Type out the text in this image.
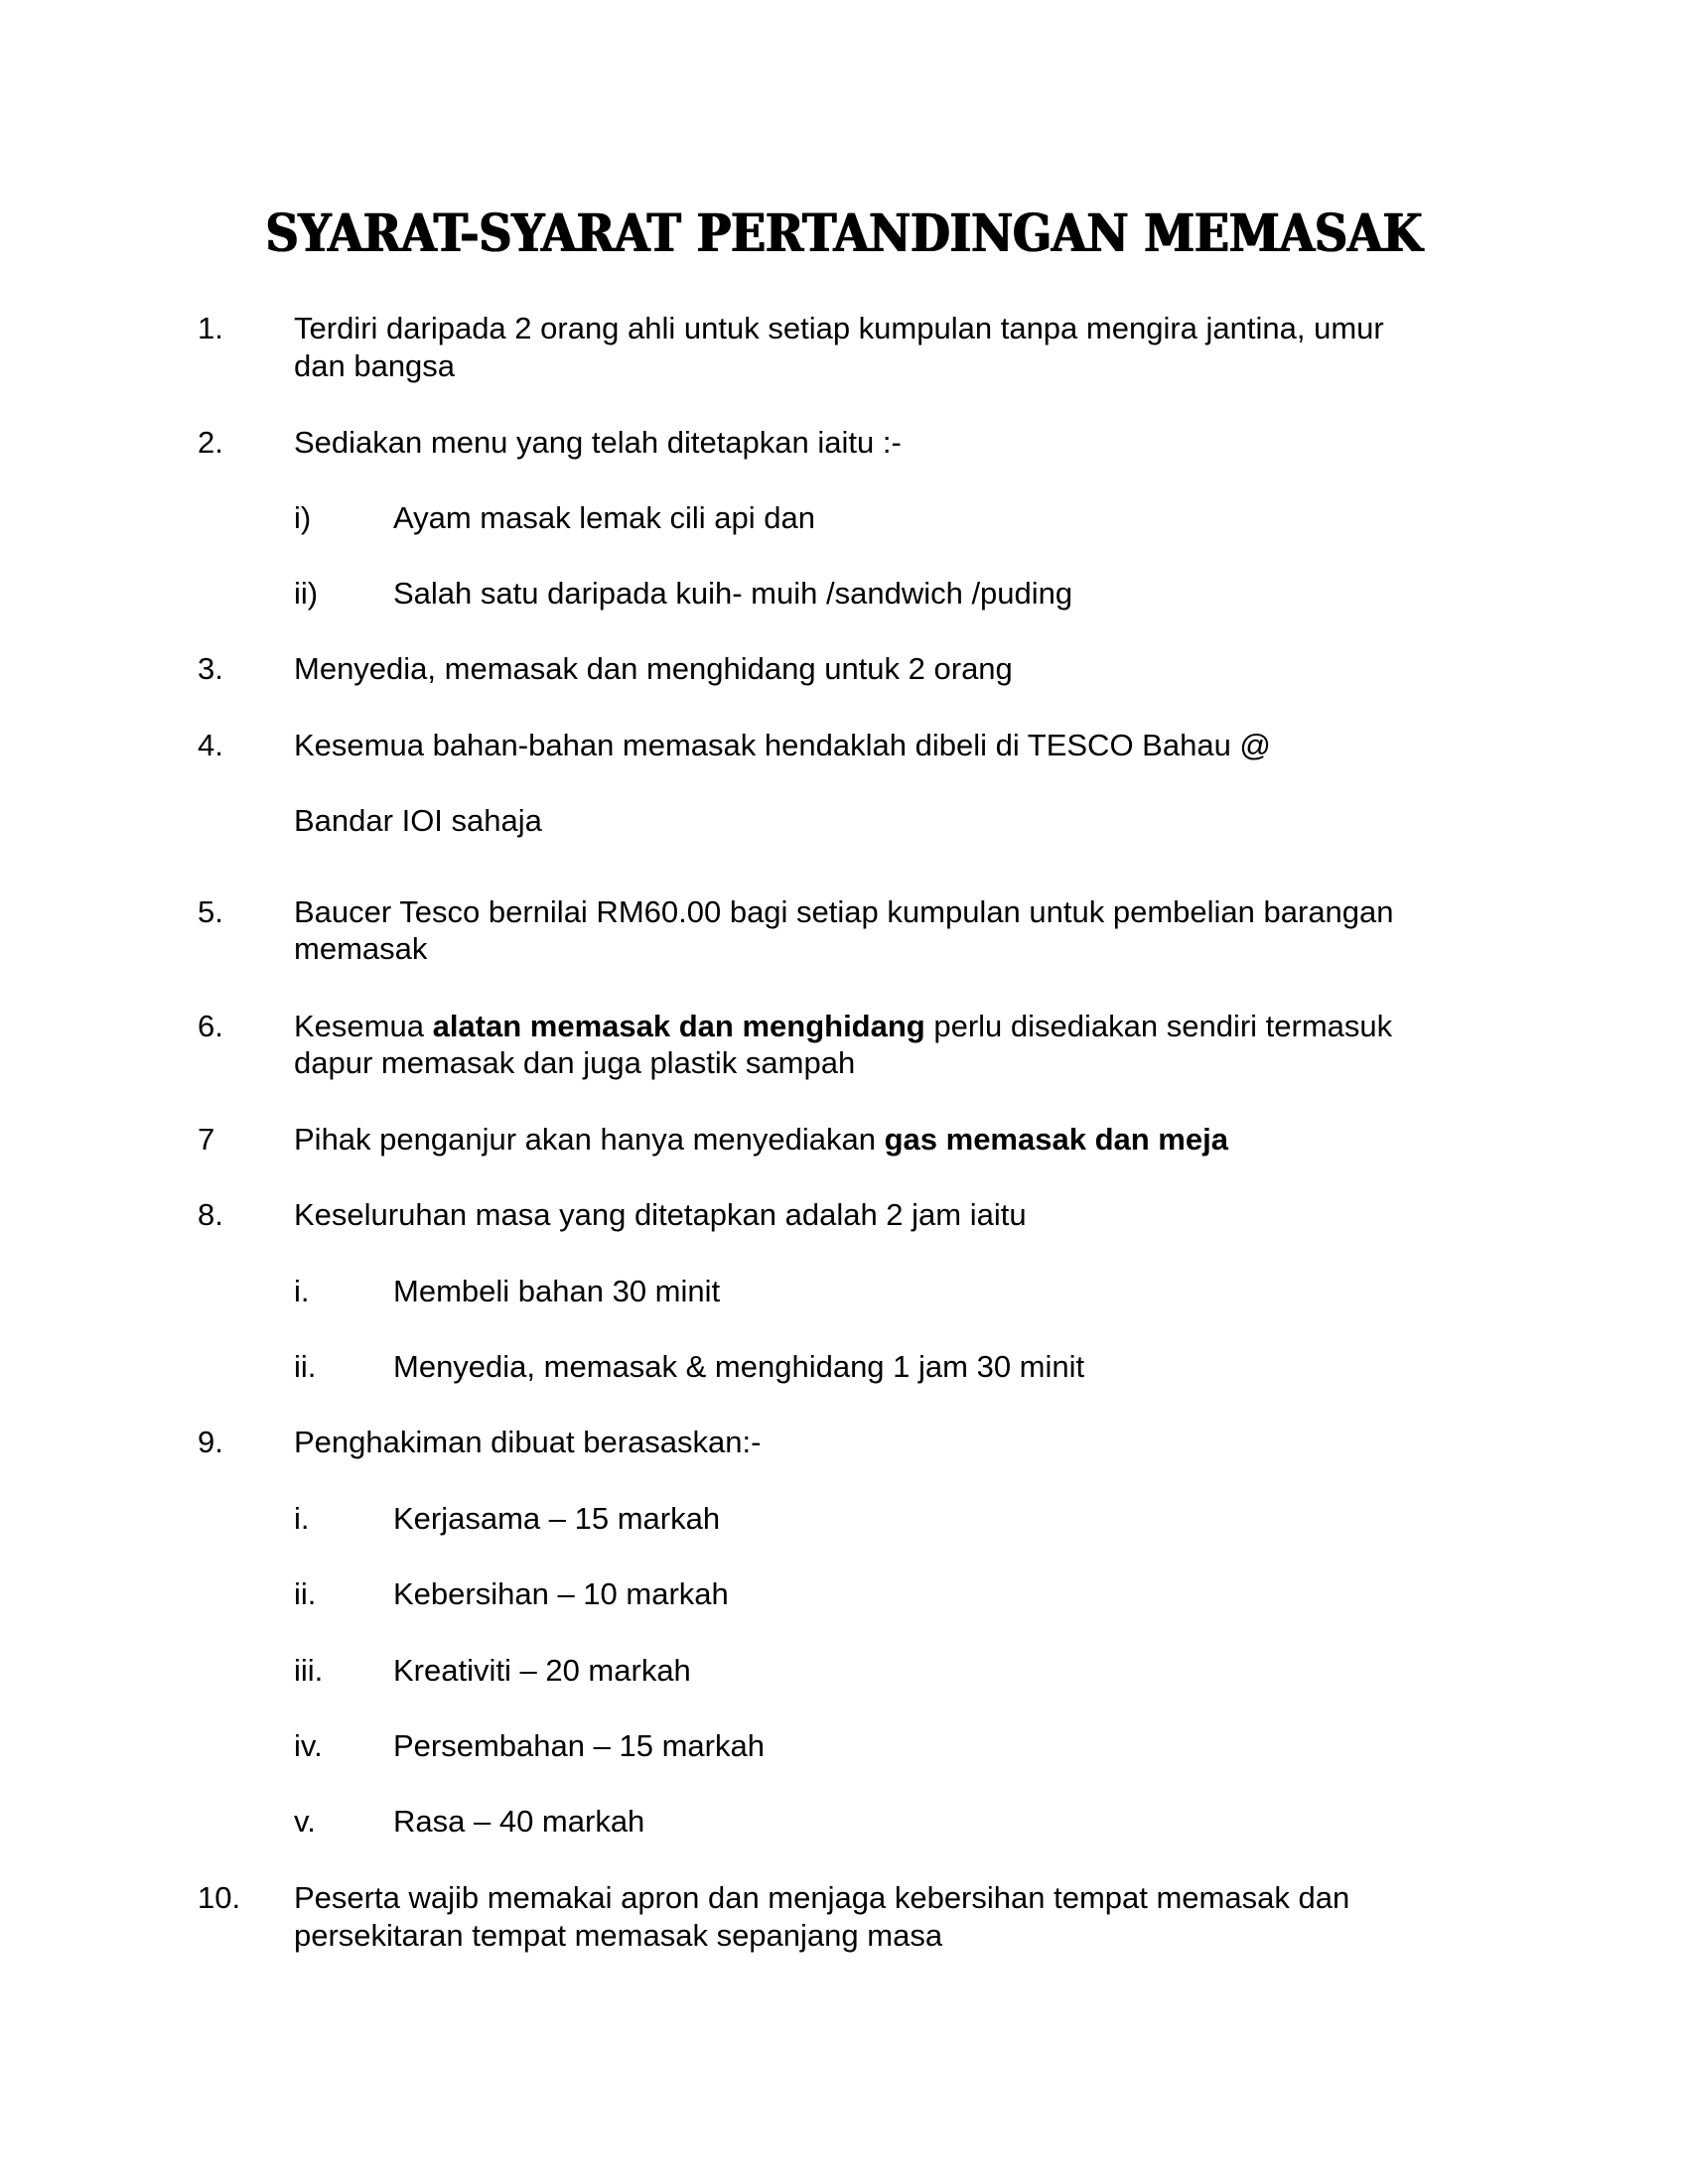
SYARAT-SYARAT PERTANDINGAN MEMASAK
1. Terdiri daripada 2 orang ahli untuk setiap kumpulan tanpa mengira jantina, umur
dan bangsa
2. Sediakan menu yang telah ditetapkan iaitu :-
i)	Ayam masak lemak cili api dan
ii) Salah satu daripada kuih- muih /sandwich /puding
3. Menyedia, memasak dan menghidang untuk 2 orang
4. Kesemua bahan-bahan memasak hendaklah dibeli di TESCO Bahau @
Bandar IOI sahaja
5. Baucer Tesco bernilai RM60.00 bagi setiap kumpulan untuk pembelian barangan
memasak
6. Kesemua alatan memasak dan menghidang perlu disediakan sendiri termasuk
dapur memasak dan juga plastik sampah
7	Pihak penganjur akan hanya menyediakan gas memasak dan meja
8. Keseluruhan masa yang ditetapkan adalah 2 jam iaitu
i.	Membeli bahan 30 minit
ii.	Menyedia, memasak & menghidang 1 jam 30 minit
9. Penghakiman dibuat berasaskan:-
i.	Kerjasama – 15 markah
ii.	Kebersihan – 10 markah
iii. Kreativiti – 20 markah
iv. Persembahan – 15 markah
v.	Rasa – 40 markah
10. Peserta wajib memakai apron dan menjaga kebersihan tempat memasak dan
persekitaran tempat memasak sepanjang masa
